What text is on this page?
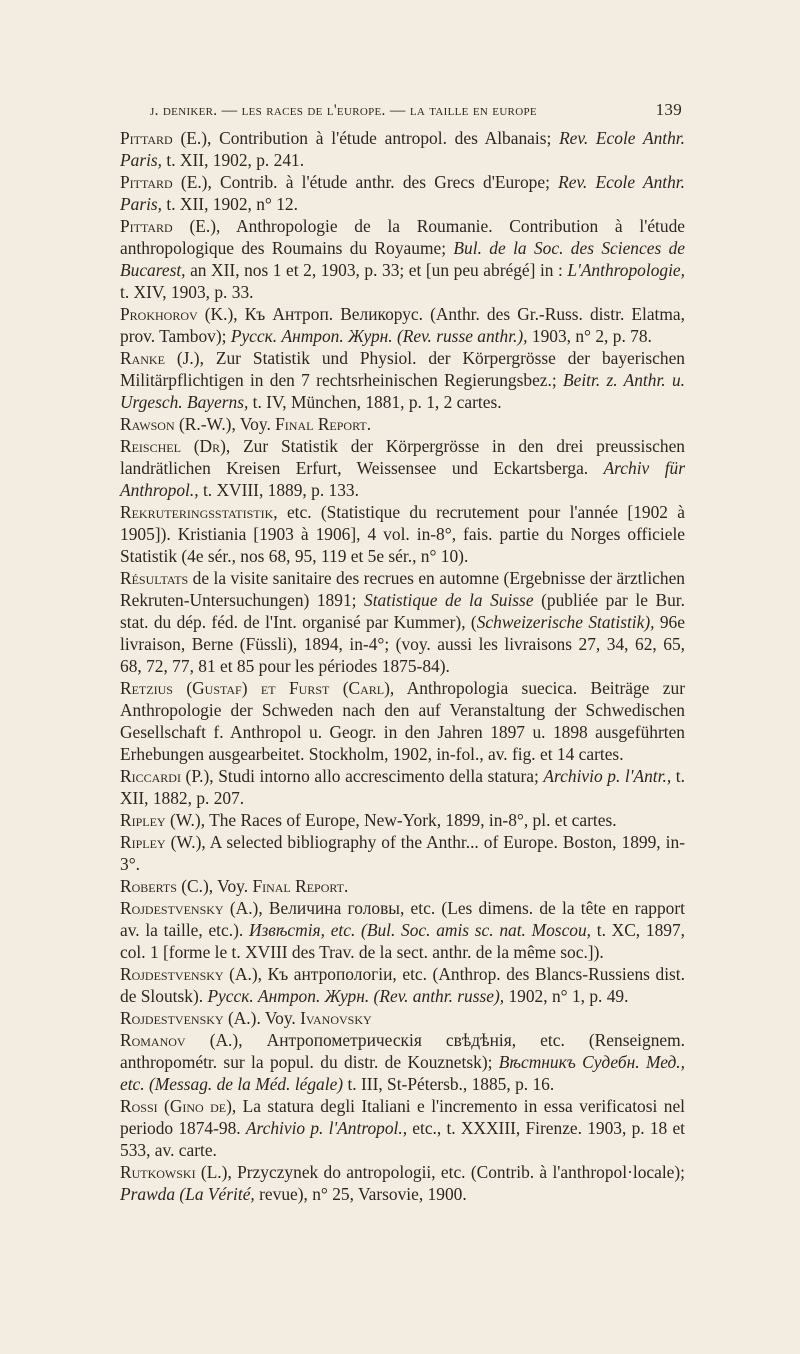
j. deniker. — les races de l'europe. — la taille en europe	139

Pittard (E.), Contribution à l'étude antropol. des Albanais; Rev. Ecole Anthr. Paris, t. XII, 1902, p. 241.

Pittard (E.), Contrib. à l'étude anthr. des Grecs d'Europe; Rev. Ecole Anthr. Paris, t. XII, 1902, n° 12.

Pittard (E.), Anthropologie de la Roumanie. Contribution à l'étude anthropologique des Roumains du Royaume; Bul. de la Soc. des Sciences de Bucarest, an XII, nos 1 et 2, 1903, p. 33; et [un peu abrégé] in : L'Anthropologie, t. XIV, 1903, p. 33.

Prokhorov (K.), Къ Антроп. Великорус. (Anthr. des Gr.-Russ. distr. Elatma, prov. Tambov); Русск. Антроп. Журн. (Rev. russe anthr.), 1903, n° 2, p. 78.

Ranke (J.), Zur Statistik und Physiol. der Körpergrösse der bayerischen Militärpflichtigen in den 7 rechtsrheinischen Regierungsbez.; Beitr. z. Anthr. u. Urgesch. Bayerns, t. IV, München, 1881, p. 1, 2 cartes.

Rawson (R.-W.), Voy. Final Report.

Reischel (Dr), Zur Statistik der Körpergrösse in den drei preussischen landrätlichen Kreisen Erfurt, Weissensee und Eckartsberga. Archiv für Anthropol., t. XVIII, 1889, p. 133.

Rekruteringsstatistik, etc. (Statistique du recrutement pour l'année [1902 à 1905]). Kristiania [1903 à 1906], 4 vol. in-8°, fais. partie du Norges officiele Statistik (4e sér., nos 68, 95, 119 et 5e sér., n° 10).

Résultats de la visite sanitaire des recrues en automne (Ergebnisse der ärztlichen Rekruten-Untersuchungen) 1891; Statistique de la Suisse (publiée par le Bur. stat. du dép. féd. de l'Int. organisé par Kummer), (Schweizerische Statistik), 96e livraison, Berne (Füssli), 1894, in-4°; (voy. aussi les livraisons 27, 34, 62, 65, 68, 72, 77, 81 et 85 pour les périodes 1875-84).

Retzius (Gustaf) et Furst (Carl), Anthropologia suecica. Beiträge zur Anthropologie der Schweden nach den auf Veranstaltung der Schwedischen Gesellschaft f. Anthropol u. Geogr. in den Jahren 1897 u. 1898 ausgeführten Erhebungen ausgearbeitet. Stockholm, 1902, in-fol., av. fig. et 14 cartes.

Riccardi (P.), Studi intorno allo accrescimento della statura; Archivio p. l'Antr., t. XII, 1882, p. 207.

Ripley (W.), The Races of Europe, New-York, 1899, in-8°, pl. et cartes.

Ripley (W.), A selected bibliography of the Anthr... of Europe. Boston, 1899, in-3°.

Roberts (C.), Voy. Final Report.

Rojdestvensky (A.), Величина головы, etc. (Les dimens. de la tête en rapport av. la taille, etc.). Извѣстія, etc. (Bul. Soc. amis sc. nat. Moscou, t. XC, 1897, col. 1 [forme le t. XVIII des Trav. de la sect. anthr. de la même soc.]).

Rojdestvensky (A.), Къ антропологіи, etc. (Anthrop. des Blancs-Russiens dist. de Sloutsk). Русск. Антроп. Журн. (Rev. anthr. russe), 1902, n° 1, p. 49.

Rojdestvensky (A.). Voy. Ivanovsky

Romanov (A.), Антропометрическія свѣдѣнія, etc. (Renseignem. anthropométr. sur la popul. du distr. de Kouznetsk); Вѣстникъ Судебн. Мед., etc. (Messag. de la Méd. légale) t. III, St-Pétersb., 1885, p. 16.

Rossi (Gino de), La statura degli Italiani e l'incremento in essa verificatosi nel periodo 1874-98. Archivio p. l'Antropol., etc., t. XXXIII, Firenze. 1903, p. 18 et 533, av. carte.

Rutkowski (L.), Przyczynek do antropologii, etc. (Contrib. à l'anthropol·locale); Prawda (La Vérité, revue), n° 25, Varsovie, 1900.
